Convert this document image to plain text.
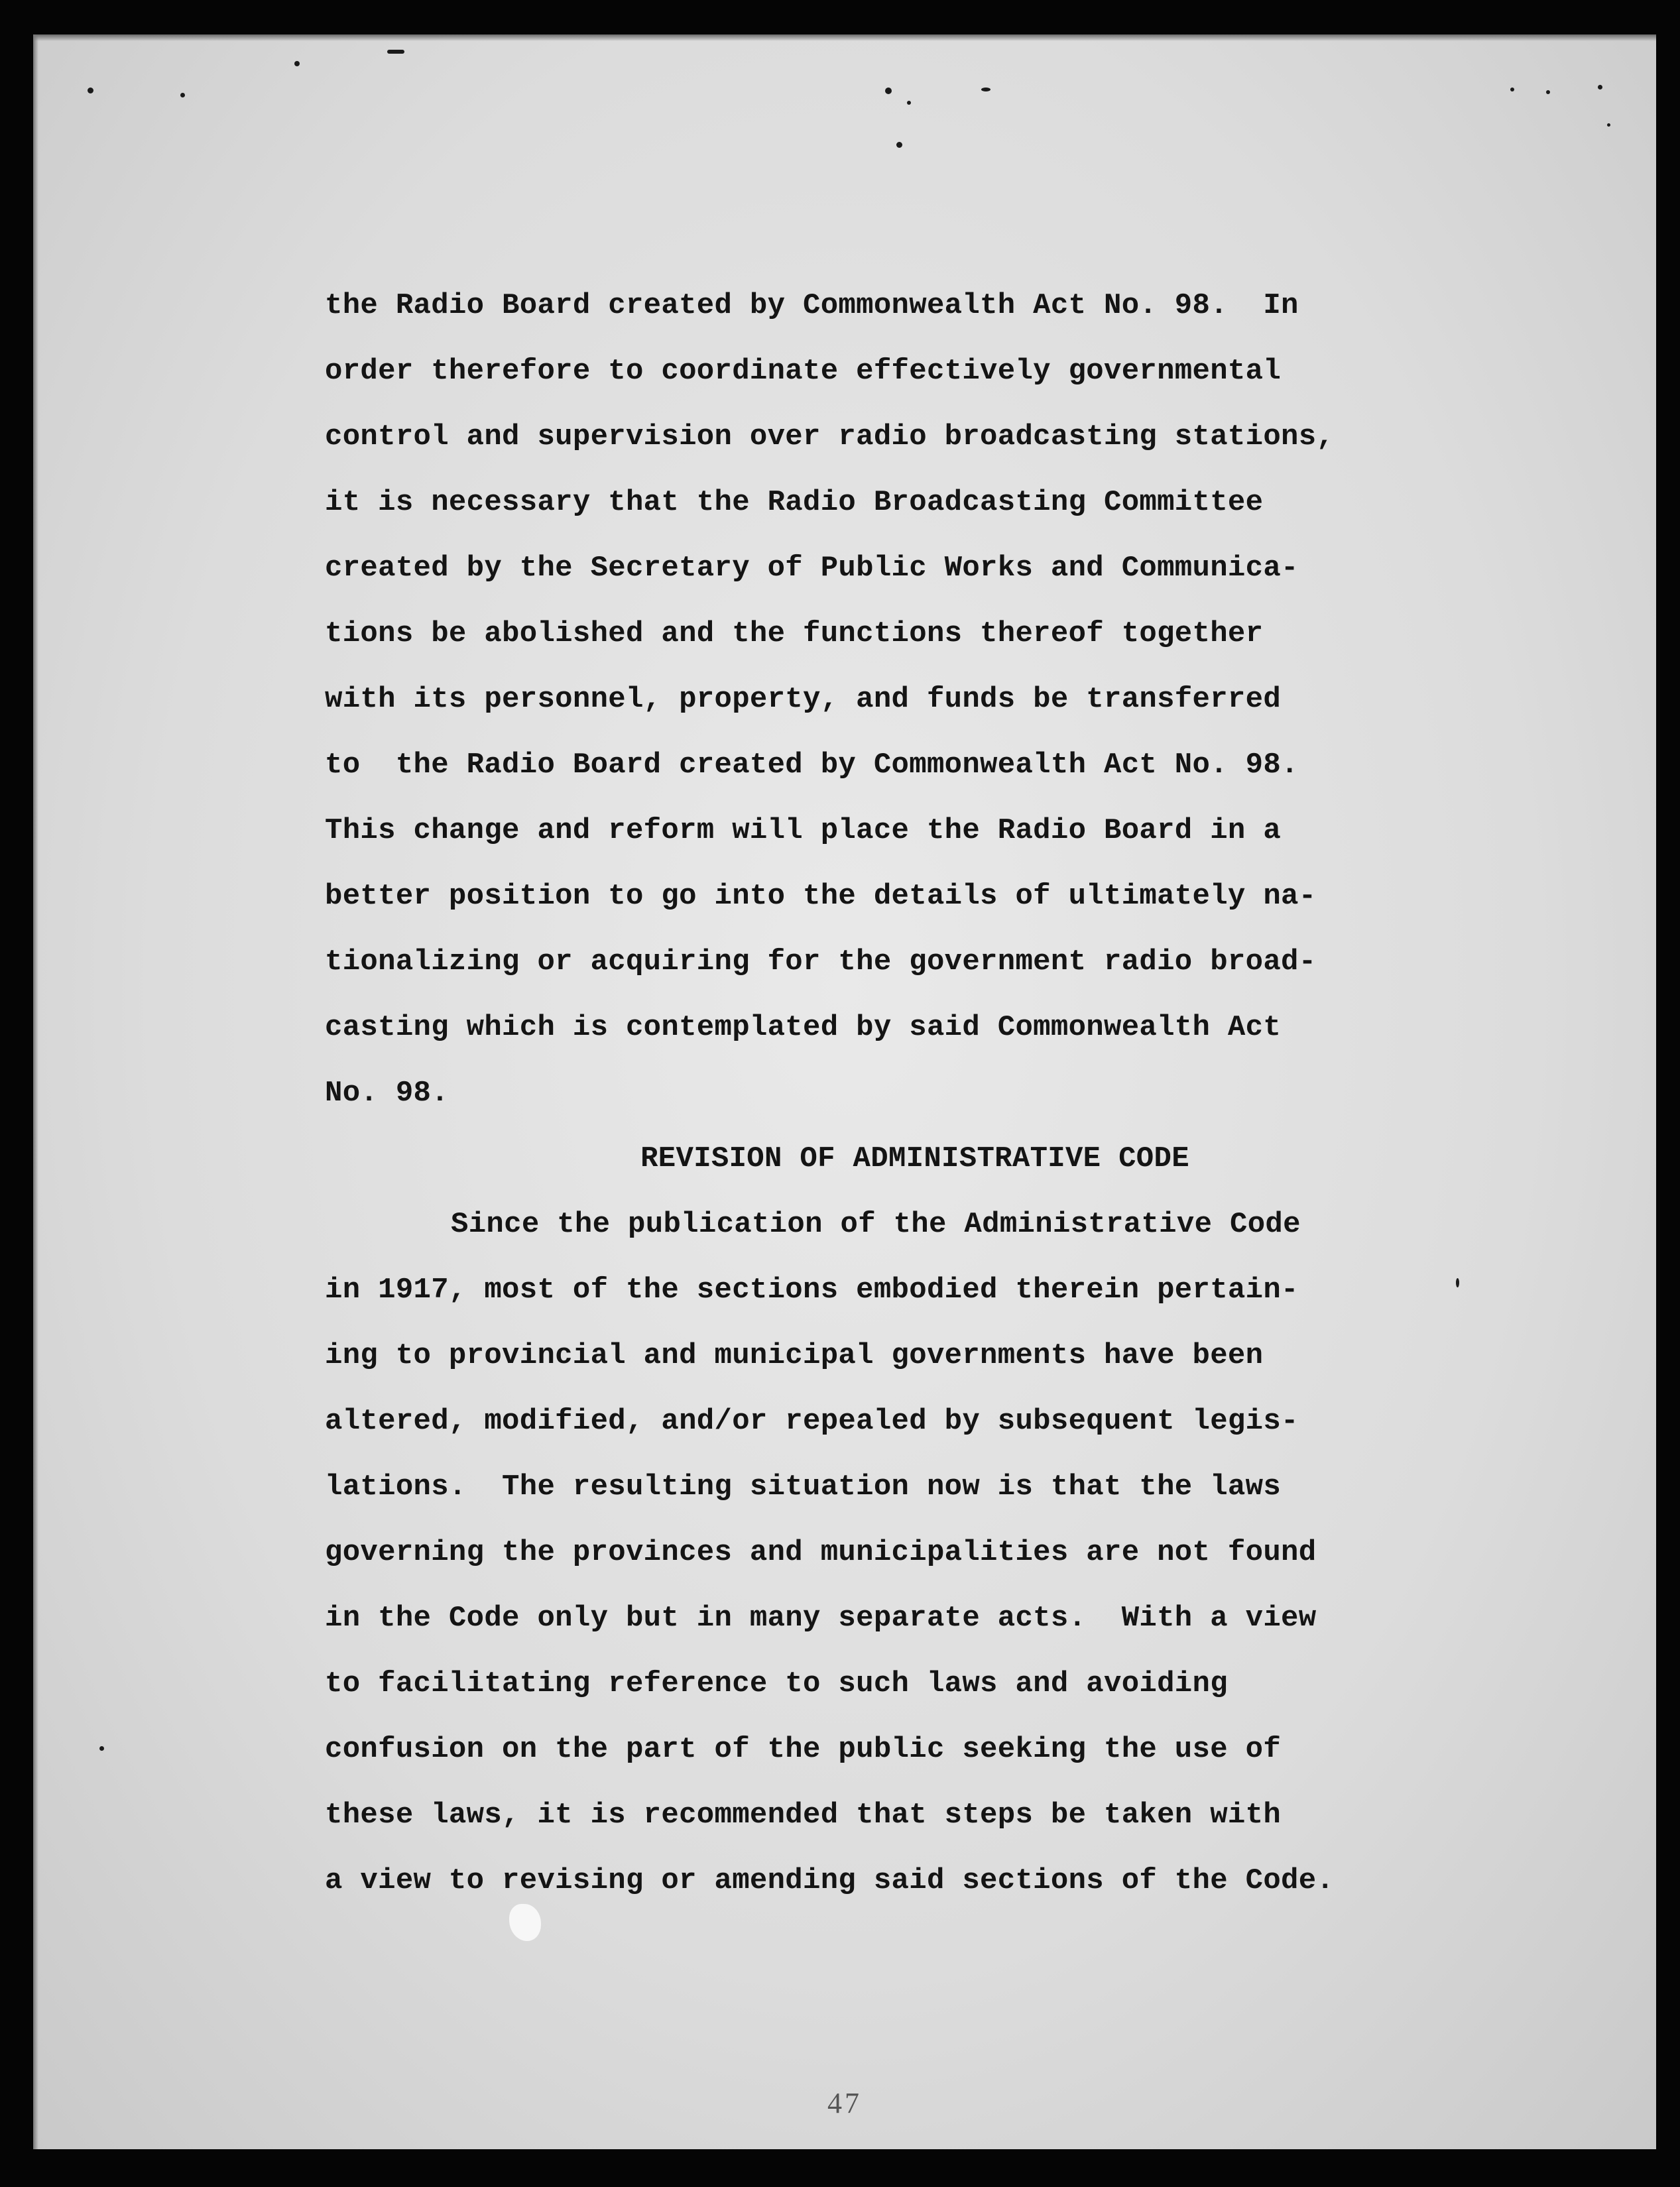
the Radio Board created by Commonwealth Act No. 98.  In
order therefore to coordinate effectively governmental
control and supervision over radio broadcasting stations,
it is necessary that the Radio Broadcasting Committee
created by the Secretary of Public Works and Communica-
tions be abolished and the functions thereof together
with its personnel, property, and funds be transferred
to  the Radio Board created by Commonwealth Act No. 98.
This change and reform will place the Radio Board in a
better position to go into the details of ultimately na-
tionalizing or acquiring for the government radio broad-
casting which is contemplated by said Commonwealth Act
No. 98.
REVISION OF ADMINISTRATIVE CODE
Since the publication of the Administrative Code
in 1917, most of the sections embodied therein pertain-
ing to provincial and municipal governments have been
altered, modified, and/or repealed by subsequent legis-
lations.  The resulting situation now is that the laws
governing the provinces and municipalities are not found
in the Code only but in many separate acts.  With a view
to facilitating reference to such laws and avoiding
confusion on the part of the public seeking the use of
these laws, it is recommended that steps be taken with
a view to revising or amending said sections of the Code.
47
